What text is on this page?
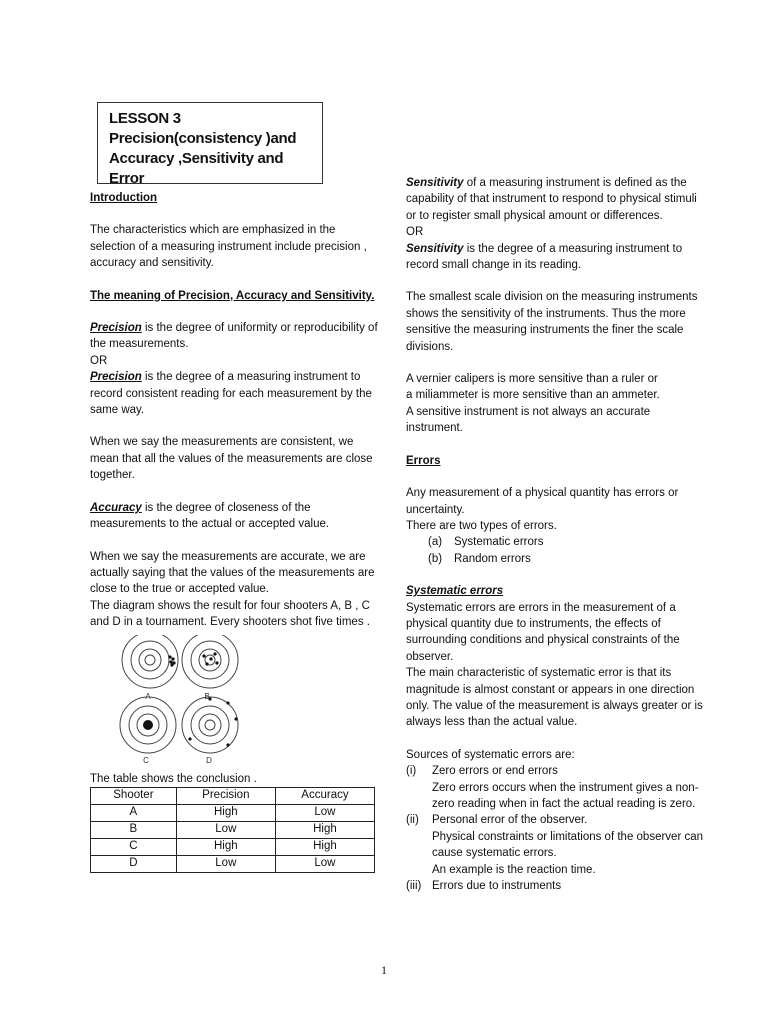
LESSON 3
Precision(consistency )and
Accuracy ,Sensitivity and Error

Introduction

The characteristics which are emphasized in the selection of a measuring instrument include precision , accuracy and sensitivity.

The meaning of Precision, Accuracy and Sensitivity.

Precision is the degree of uniformity or reproducibility of the measurements.

OR

Precision is the degree of a measuring instrument to record consistent reading for each measurement by the same way.

When we say the measurements are consistent, we mean that all the values of the measurements are close together.

Accuracy is the degree of closeness of the measurements to the actual or accepted value.

When we say the measurements are accurate, we are actually saying that the values of the measurements are close to the true or accepted value.

The diagram shows the result for four shooters A, B , C and D in a tournament. Every shooters shot five times .

A	B
C	D

The table shows the conclusion .

Shooter	Precision	Accuracy
A	High	Low
B	Low	High
C	High	High
D	Low	Low

Sensitivity of a measuring instrument is defined as the capability of that instrument to respond to physical stimuli or to register small physical amount or differences.

OR

Sensitivity is the degree of a measuring instrument to record small change in its reading.

The smallest scale division on the measuring instruments shows the sensitivity of the instruments. Thus the more sensitive the measuring instruments the finer the scale divisions.

A vernier calipers is more sensitive than a ruler or

a miliammeter is more sensitive than an ammeter.

A sensitive instrument is not always an accurate instrument.

Errors

Any measurement of a physical quantity has errors or uncertainty.

There are two types of errors.

(a)	Systematic errors
(b)	Random errors

Systematic errors

Systematic errors are errors in the measurement of a physical quantity due to instruments, the effects of surrounding conditions and physical constraints of the observer.

The main characteristic of systematic error is that its magnitude is almost constant or appears in one direction only. The value of the measurement is always greater or is always less than the actual value.

Sources of systematic errors are:

(i)	Zero errors or end errors

Zero errors occurs when the instrument gives a non- zero reading when in fact the actual reading is zero.

(ii)	Personal error of the observer.

Physical constraints or limitations of the observer can cause systematic errors.

An example is the reaction time.

(iii) Errors due to instruments
1
